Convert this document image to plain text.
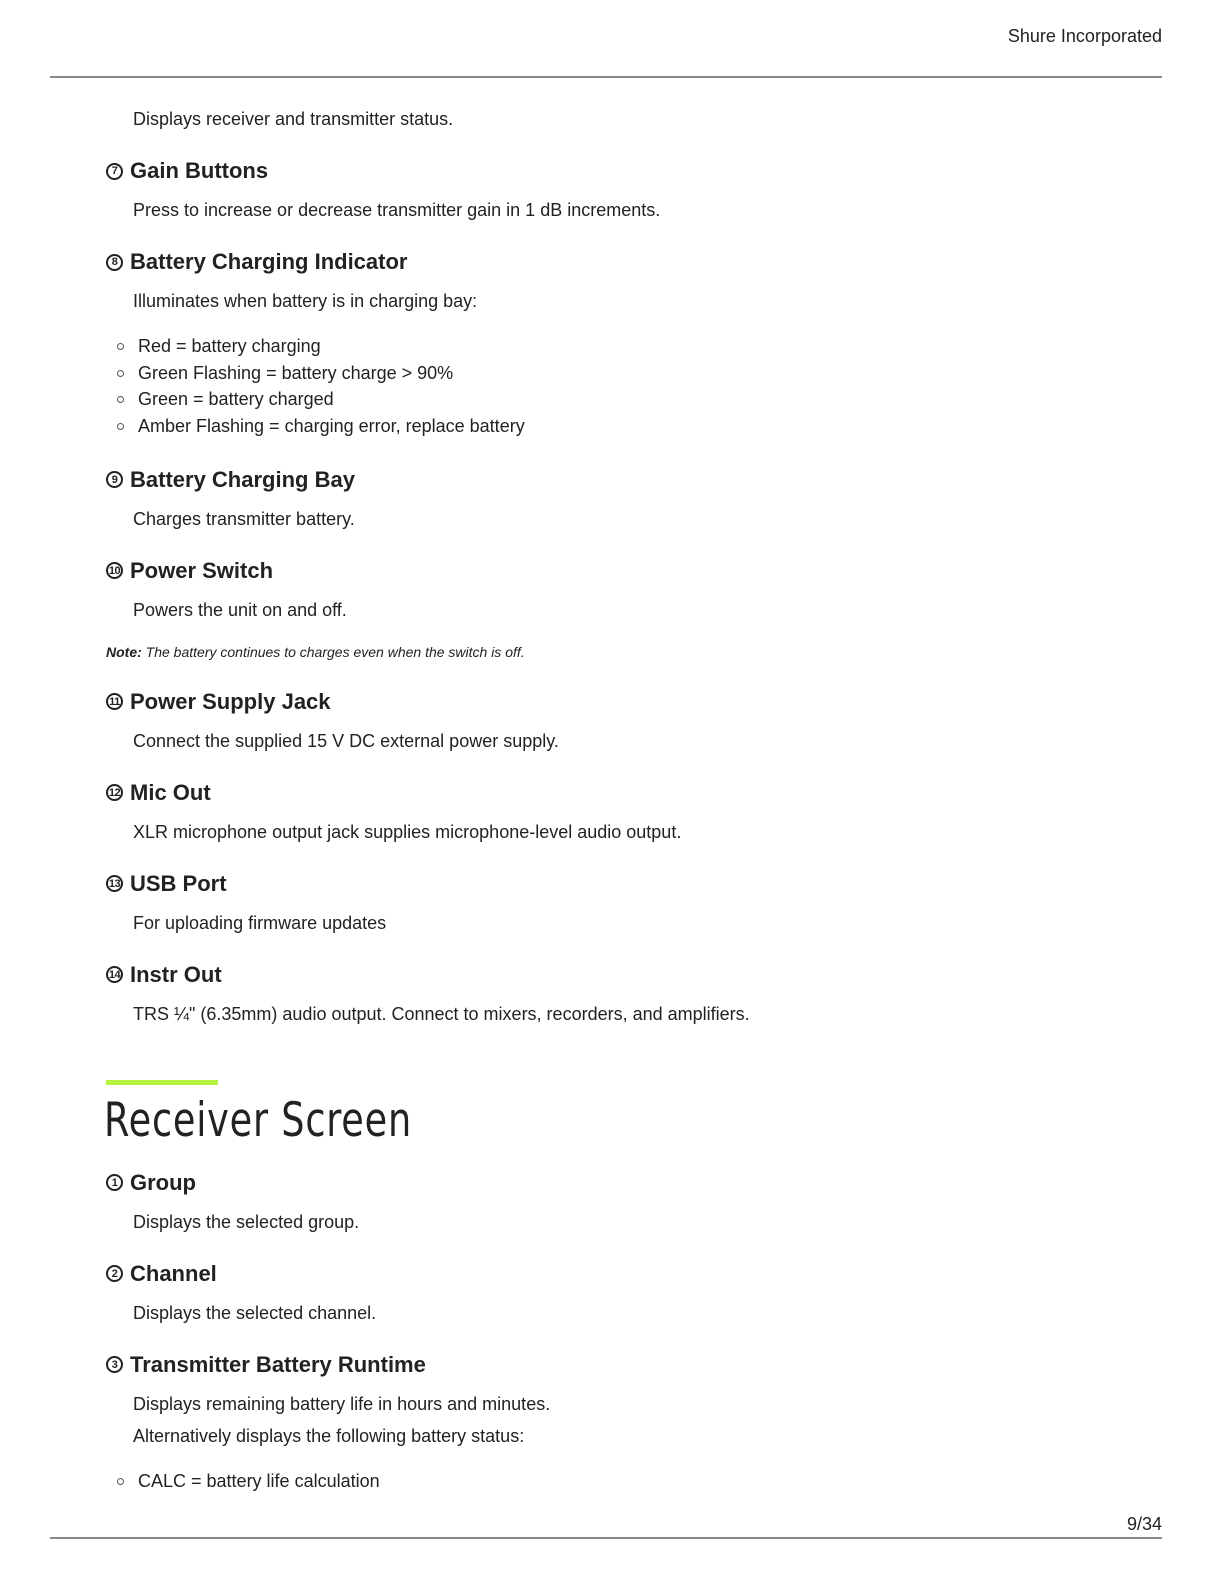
Shure Incorporated

Displays receiver and transmitter status.

7 Gain Buttons

Press to increase or decrease transmitter gain in 1 dB increments.

8 Battery Charging Indicator

Illuminates when battery is in charging bay:

Red = battery charging
Green Flashing = battery charge > 90%
Green = battery charged
Amber Flashing = charging error, replace battery
9 Battery Charging Bay

Charges transmitter battery.

10 Power Switch

Powers the unit on and off.

Note: The battery continues to charges even when the switch is off.

11 Power Supply Jack

Connect the supplied 15 V DC external power supply.

12 Mic Out

XLR microphone output jack supplies microphone-level audio output.

13 USB Port

For uploading firmware updates

14 Instr Out

TRS ¼" (6.35mm) audio output. Connect to mixers, recorders, and amplifiers.

Receiver Screen
1 Group

Displays the selected group.

2 Channel

Displays the selected channel.

3 Transmitter Battery Runtime

Displays remaining battery life in hours and minutes.

Alternatively displays the following battery status:

CALC = battery life calculation
9/34
